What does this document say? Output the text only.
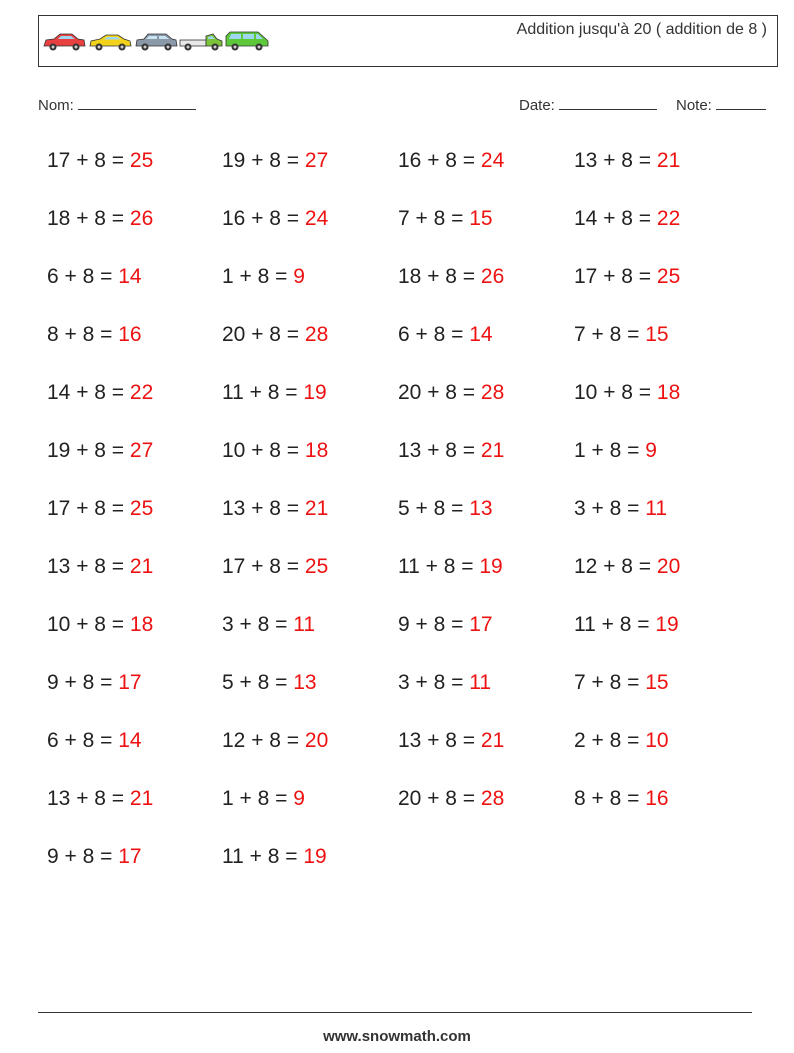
Addition jusqu'à 20 ( addition de 8 )
Nom:	Date:	Note:
17 + 8 = 25	19 + 8 = 27	16 + 8 = 24	13 + 8 = 21
18 + 8 = 26	16 + 8 = 24	7 + 8 = 15	14 + 8 = 22
6 + 8 = 14	1 + 8 = 9	18 + 8 = 26	17 + 8 = 25
8 + 8 = 16	20 + 8 = 28	6 + 8 = 14	7 + 8 = 15
14 + 8 = 22	11 + 8 = 19	20 + 8 = 28	10 + 8 = 18
19 + 8 = 27	10 + 8 = 18	13 + 8 = 21	1 + 8 = 9
17 + 8 = 25	13 + 8 = 21	5 + 8 = 13	3 + 8 = 11
13 + 8 = 21	17 + 8 = 25	11 + 8 = 19	12 + 8 = 20
10 + 8 = 18	3 + 8 = 11	9 + 8 = 17	11 + 8 = 19
9 + 8 = 17	5 + 8 = 13	3 + 8 = 11	7 + 8 = 15
6 + 8 = 14	12 + 8 = 20	13 + 8 = 21	2 + 8 = 10
13 + 8 = 21	1 + 8 = 9	20 + 8 = 28	8 + 8 = 16
9 + 8 = 17	11 + 8 = 19
www.snowmath.com
